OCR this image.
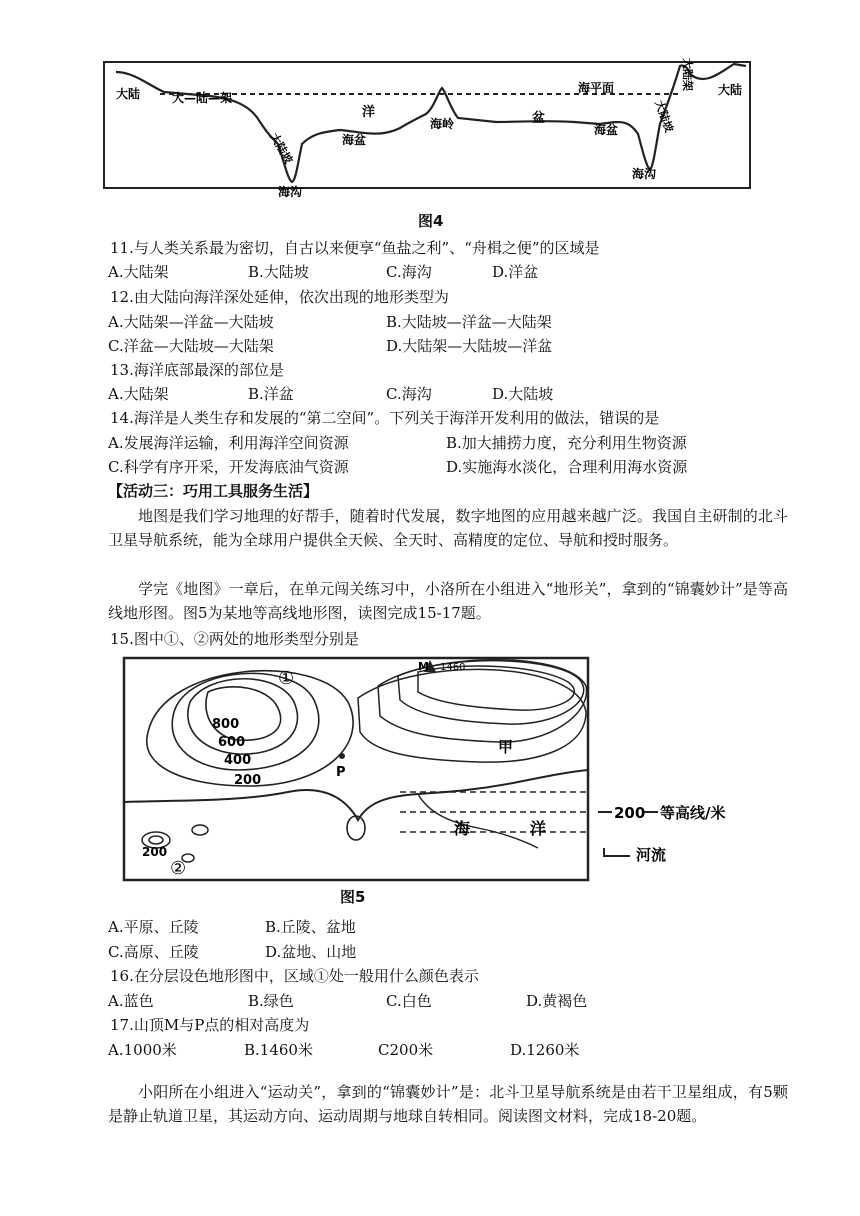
大陆	大—陆—架
大陆坡
海沟
洋
海盆
海岭	盆
海盆
海沟
海平面
大陆坡
大陆架 大陆
图4
11.与人类关系最为密切，自古以来便享“鱼盐之利”、“舟楫之便”的区域是
A.大陆架	B.大陆坡	C.海沟	D.洋盆
12.由大陆向海洋深处延伸，依次出现的地形类型为
A.大陆架—洋盆—大陆坡	B.大陆坡—洋盆—大陆架
C.洋盆—大陆坡—大陆架	D.大陆架—大陆坡—洋盆
13.海洋底部最深的部位是
A.大陆架	B.洋盆	C.海沟	D.大陆坡
14.海洋是人类生存和发展的“第二空间”。下列关于海洋开发利用的做法，错误的是
A.发展海洋运输，利用海洋空间资源	B.加大捕捞力度，充分利用生物资源
C.科学有序开采，开发海底油气资源	D.实施海水淡化，合理利用海水资源
【活动三：巧用工具服务生活】
地图是我们学习地理的好帮手，随着时代发展，数字地图的应用越来越广泛。我国自主研制的北斗卫星导航系统，能为全球用户提供全天候、全天时、高精度的定位、导航和授时服务。
学完《地图》一章后，在单元闯关练习中，小洛所在小组进入“地形关”，拿到的“锦囊妙计”是等高线地形图。图5为某地等高线地形图，读图完成15-17题。
15.图中①、②两处的地形类型分别是
M 1460
①
②
800
600
400
200
200
P
甲
海	洋
200 等高线/米
河流
图5
A.平原、丘陵	B.丘陵、盆地
C.高原、丘陵	D.盆地、山地
16.在分层设色地形图中，区域①处一般用什么颜色表示
A.蓝色	B.绿色	C.白色	D.黄褐色
17.山顶M与P点的相对高度为
A.1000米	B.1460米	C200米	D.1260米
小阳所在小组进入“运动关”，拿到的“锦囊妙计”是：北斗卫星导航系统是由若干卫星组成，有5颗是静止轨道卫星，其运动方向、运动周期与地球自转相同。阅读图文材料，完成18-20题。
